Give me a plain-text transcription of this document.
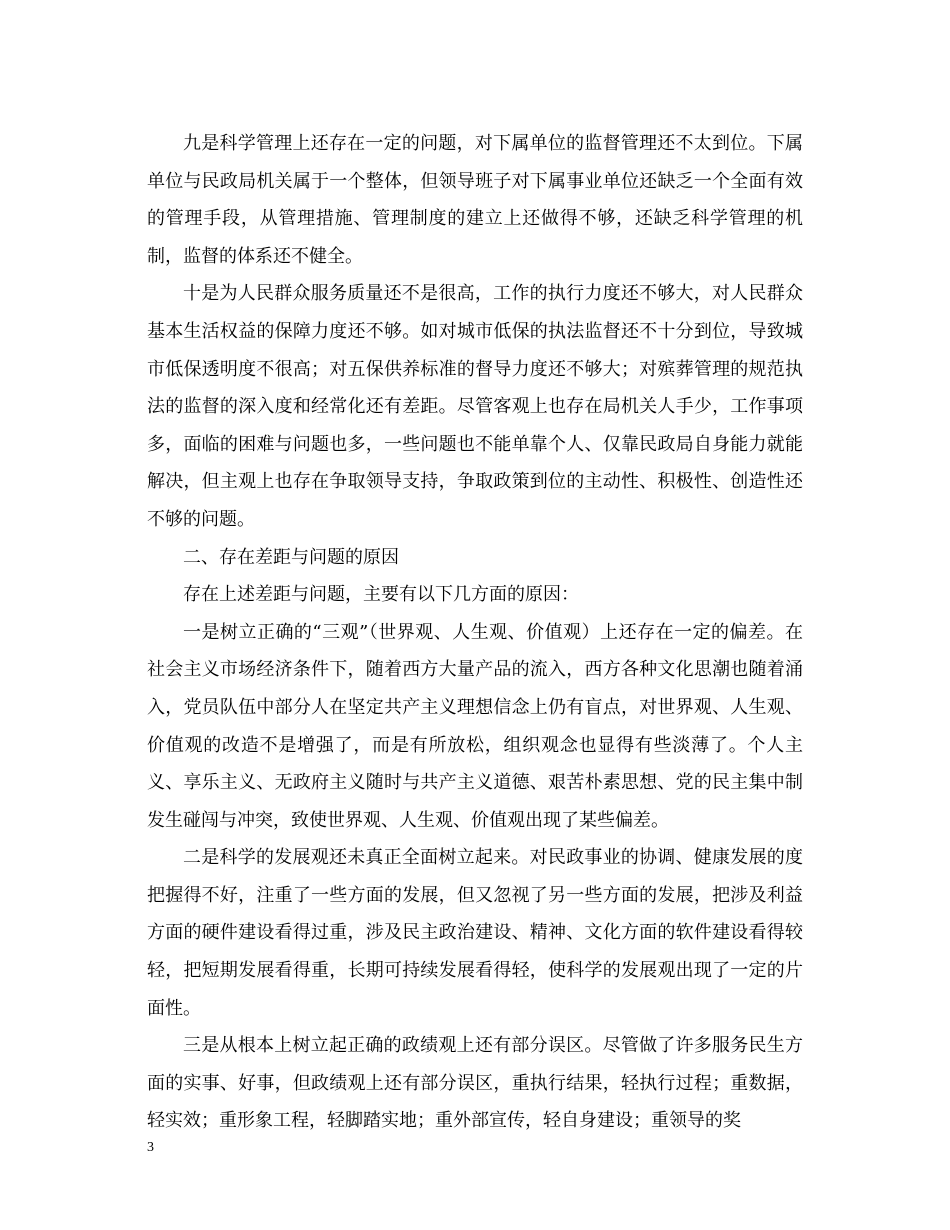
九是科学管理上还存在一定的问题，对下属单位的监督管理还不太到位。下属单位与民政局机关属于一个整体，但领导班子对下属事业单位还缺乏一个全面有效的管理手段，从管理措施、管理制度的建立上还做得不够，还缺乏科学管理的机制，监督的体系还不健全。

十是为人民群众服务质量还不是很高，工作的执行力度还不够大，对人民群众基本生活权益的保障力度还不够。如对城市低保的执法监督还不十分到位，导致城市低保透明度不很高；对五保供养标准的督导力度还不够大；对殡葬管理的规范执法的监督的深入度和经常化还有差距。尽管客观上也存在局机关人手少，工作事项多，面临的困难与问题也多，一些问题也不能单靠个人、仅靠民政局自身能力就能解决，但主观上也存在争取领导支持，争取政策到位的主动性、积极性、创造性还不够的问题。

二、存在差距与问题的原因

存在上述差距与问题，主要有以下几方面的原因：

一是树立正确的“三观”（世界观、人生观、价值观）上还存在一定的偏差。在社会主义市场经济条件下，随着西方大量产品的流入，西方各种文化思潮也随着涌入，党员队伍中部分人在坚定共产主义理想信念上仍有盲点，对世界观、人生观、价值观的改造不是增强了，而是有所放松，组织观念也显得有些淡薄了。个人主义、享乐主义、无政府主义随时与共产主义道德、艰苦朴素思想、党的民主集中制发生碰闯与冲突，致使世界观、人生观、价值观出现了某些偏差。

二是科学的发展观还未真正全面树立起来。对民政事业的协调、健康发展的度把握得不好，注重了一些方面的发展，但又忽视了另一些方面的发展，把涉及利益方面的硬件建设看得过重，涉及民主政治建设、精神、文化方面的软件建设看得较轻，把短期发展看得重，长期可持续发展看得轻，使科学的发展观出现了一定的片面性。

三是从根本上树立起正确的政绩观上还有部分误区。尽管做了许多服务民生方面的实事、好事，但政绩观上还有部分误区，重执行结果，轻执行过程；重数据，轻实效；重形象工程，轻脚踏实地；重外部宣传，轻自身建设；重领导的奖

3
